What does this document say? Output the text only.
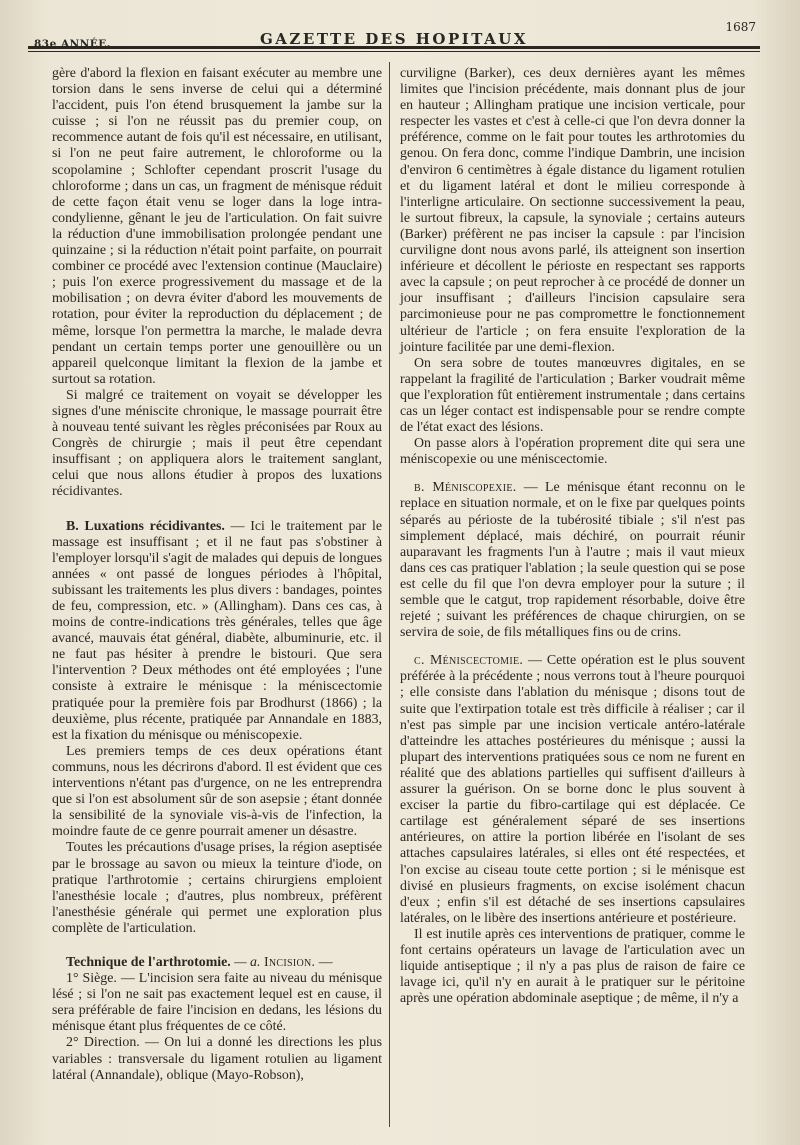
83e ANNÉE.	GAZETTE DES HOPITAUX
1687

gère d'abord la flexion en faisant exécuter au membre une torsion dans le sens inverse de celui qui a déterminé l'accident, puis l'on étend brusquement la jambe sur la cuisse ; si l'on ne réussit pas du premier coup, on recommence autant de fois qu'il est nécessaire, en utilisant, si l'on ne peut faire autrement, le chloroforme ou la scopolamine ; Schlofter cependant proscrit l'usage du chloroforme ; dans un cas, un fragment de ménisque réduit de cette façon était venu se loger dans la loge intra-condylienne, gênant le jeu de l'articulation. On fait suivre la réduction d'une immobilisation prolongée pendant une quinzaine ; si la réduction n'était point parfaite, on pourrait combiner ce procédé avec l'extension continue (Mauclaire) ; puis l'on exerce progressivement du massage et de la mobilisation ; on devra éviter d'abord les mouvements de rotation, pour éviter la reproduction du déplacement ; de même, lorsque l'on permettra la marche, le malade devra pendant un certain temps porter une genouillère ou un appareil quelconque limitant la flexion de la jambe et surtout sa rotation.

Si malgré ce traitement on voyait se développer les signes d'une méniscite chronique, le massage pourrait être à nouveau tenté suivant les règles préconisées par Roux au Congrès de chirurgie ; mais il peut être cependant insuffisant ; on appliquera alors le traitement sanglant, celui que nous allons étudier à propos des luxations récidivantes.

B. Luxations récidivantes. — Ici le traitement par le massage est insuffisant ; et il ne faut pas s'obstiner à l'employer lorsqu'il s'agit de malades qui depuis de longues années « ont passé de longues périodes à l'hôpital, subissant les traitements les plus divers : bandages, pointes de feu, compression, etc. » (Allingham). Dans ces cas, à moins de contre-indications très générales, telles que âge avancé, mauvais état général, diabète, albuminurie, etc. il ne faut pas hésiter à prendre le bistouri. Que sera l'intervention ? Deux méthodes ont été employées ; l'une consiste à extraire le ménisque : la méniscectomie pratiquée pour la première fois par Brodhurst (1866) ; la deuxième, plus récente, pratiquée par Annandale en 1883, est la fixation du ménisque ou méniscopexie.

Les premiers temps de ces deux opérations étant communs, nous les décrirons d'abord. Il est évident que ces interventions n'étant pas d'urgence, on ne les entreprendra que si l'on est absolument sûr de son asepsie ; étant donnée la sensibilité de la synoviale vis-à-vis de l'infection, la moindre faute de ce genre pourrait amener un désastre.

Toutes les précautions d'usage prises, la région aseptisée par le brossage au savon ou mieux la teinture d'iode, on pratique l'arthrotomie ; certains chirurgiens emploient l'anesthésie locale ; d'autres, plus nombreux, préfèrent l'anesthésie générale qui permet une exploration plus complète de l'articulation.

Technique de l'arthrotomie. — a. Incision. —

1° Siège. — L'incision sera faite au niveau du ménisque lésé ; si l'on ne sait pas exactement lequel est en cause, il sera préférable de faire l'incision en dedans, les lésions du ménisque étant plus fréquentes de ce côté.

2° Direction. — On lui a donné les directions les plus variables : transversale du ligament rotulien au ligament latéral (Annandale), oblique (Mayo-Robson),

curviligne (Barker), ces deux dernières ayant les mêmes limites que l'incision précédente, mais donnant plus de jour en hauteur ; Allingham pratique une incision verticale, pour respecter les vastes et c'est à celle-ci que l'on devra donner la préférence, comme on le fait pour toutes les arthrotomies du genou. On fera donc, comme l'indique Dambrin, une incision d'environ 6 centimètres à égale distance du ligament rotulien et du ligament latéral et dont le milieu corresponde à l'interligne articulaire. On sectionne successivement la peau, le surtout fibreux, la capsule, la synoviale ; certains auteurs (Barker) préfèrent ne pas inciser la capsule : par l'incision curviligne dont nous avons parlé, ils atteignent son insertion inférieure et décollent le périoste en respectant ses rapports avec la capsule ; on peut reprocher à ce procédé de donner un jour insuffisant ; d'ailleurs l'incision capsulaire sera parcimonieuse pour ne pas compromettre le fonctionnement ultérieur de l'article ; on fera ensuite l'exploration de la jointure facilitée par une demi-flexion.

On sera sobre de toutes manœuvres digitales, en se rappelant la fragilité de l'articulation ; Barker voudrait même que l'exploration fût entièrement instrumentale ; dans certains cas un léger contact est indispensable pour se rendre compte de l'état exact des lésions.

On passe alors à l'opération proprement dite qui sera une méniscopexie ou une méniscectomie.

b. Méniscopexie. — Le ménisque étant reconnu on le replace en situation normale, et on le fixe par quelques points séparés au périoste de la tubérosité tibiale ; s'il n'est pas simplement déplacé, mais déchiré, on pourrait réunir auparavant les fragments l'un à l'autre ; mais il vaut mieux dans ces cas pratiquer l'ablation ; la seule question qui se pose est celle du fil que l'on devra employer pour la suture ; il semble que le catgut, trop rapidement résorbable, doive être rejeté ; suivant les préférences de chaque chirurgien, on se servira de soie, de fils métalliques fins ou de crins.

c. Méniscectomie. — Cette opération est le plus souvent préférée à la précédente ; nous verrons tout à l'heure pourquoi ; elle consiste dans l'ablation du ménisque ; disons tout de suite que l'extirpation totale est très difficile à réaliser ; car il n'est pas simple par une incision verticale antéro-latérale d'atteindre les attaches postérieures du ménisque ; aussi la plupart des interventions pratiquées sous ce nom ne furent en réalité que des ablations partielles qui suffisent d'ailleurs à assurer la guérison. On se borne donc le plus souvent à exciser la partie du fibro-cartilage qui est déplacée. Ce cartilage est généralement séparé de ses insertions antérieures, on attire la portion libérée en l'isolant de ses attaches capsulaires latérales, si elles ont été respectées, et l'on excise au ciseau toute cette portion ; si le ménisque est divisé en plusieurs fragments, on excise isolément chacun d'eux ; enfin s'il est détaché de ses insertions capsulaires latérales, on le libère des insertions antérieure et postérieure.

Il est inutile après ces interventions de pratiquer, comme le font certains opérateurs un lavage de l'articulation avec un liquide antiseptique ; il n'y a pas plus de raison de faire ce lavage ici, qu'il n'y en aurait à le pratiquer sur le péritoine après une opération abdominale aseptique ; de même, il n'y a
